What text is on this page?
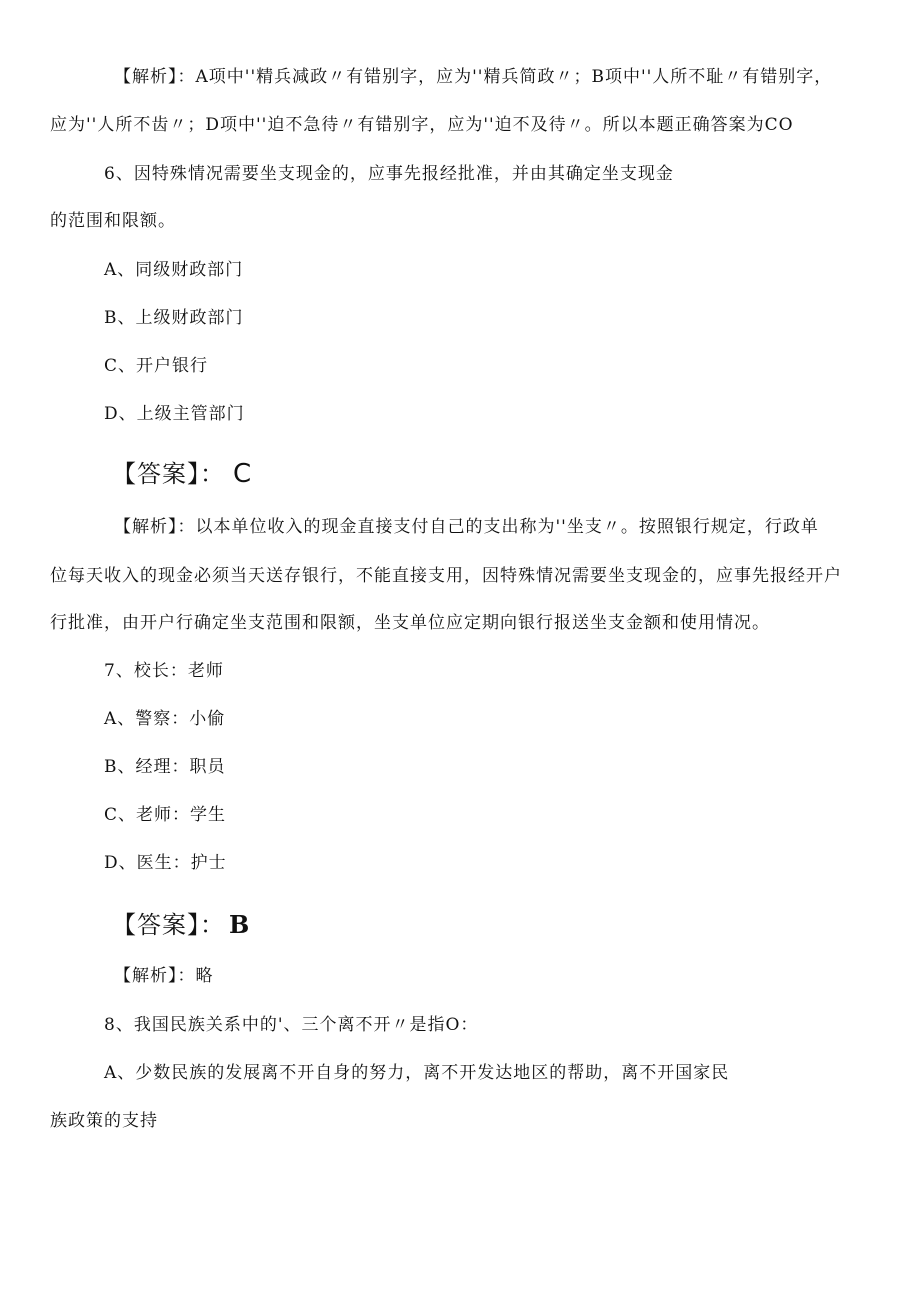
【解析】：A项中''精兵减政〃有错别字，应为''精兵简政〃；B项中''人所不耻〃有错别字，
应为''人所不齿〃；D项中''迫不急待〃有错别字，应为''迫不及待〃。所以本题正确答案为CO
6、因特殊情况需要坐支现金的，应事先报经批准，并由其确定坐支现金
的范围和限额。
A、同级财政部门
B、上级财政部门
C、开户银行
D、上级主管部门
【答案】： C
【解析】：以本单位收入的现金直接支付自己的支出称为''坐支〃。按照银行规定，行政单
位每天收入的现金必须当天送存银行，不能直接支用，因特殊情况需要坐支现金的，应事先报经开户
行批准，由开户行确定坐支范围和限额，坐支单位应定期向银行报送坐支金额和使用情况。
7、校长：老师
A、警察：小偷
B、经理：职员
C、老师：学生
D、医生：护士
【答案】： B
【解析】：略
8、我国民族关系中的'、三个离不开〃是指O：
A、少数民族的发展离不开自身的努力，离不开发达地区的帮助，离不开国家民
族政策的支持
